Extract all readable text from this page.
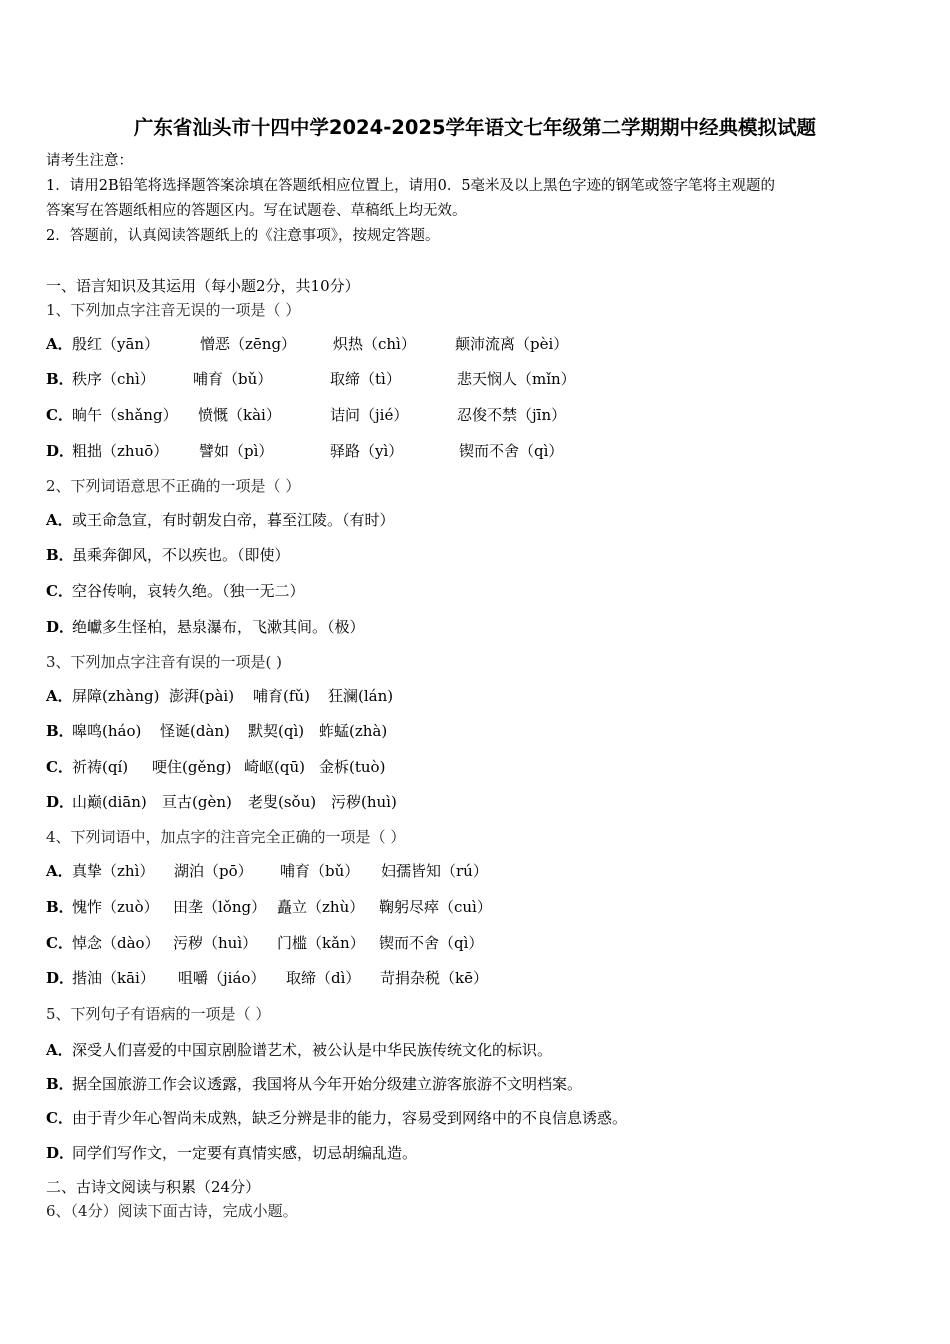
广东省汕头市十四中学2024-2025学年语文七年级第二学期期中经典模拟试题
请考生注意：
1．请用2B铅笔将选择题答案涂填在答题纸相应位置上，请用0．5毫米及以上黑色字迹的钢笔或签字笔将主观题的
答案写在答题纸相应的答题区内。写在试题卷、草稿纸上均无效。
2．答题前，认真阅读答题纸上的《注意事项》，按规定答题。
一、语言知识及其运用（每小题2分，共10分）
1、下列加点字注音无误的一项是（ ）
A．殷红（yān）	憎恶（zēng） 炽热（chì）	颠沛流离（pèi）
B．秩序（chì）	哺育（bǔ）	取缔（tì）	悲天悯人（mǐn）
C．晌午（shǎng） 愤慨（kài）	诘问（jié）	忍俊不禁（jīn）
D．粗拙（zhuō） 譬如（pì）	驿路（yì）	锲而不舍（qì）
2、下列词语意思不正确的一项是（ ）
A．或王命急宣，有时朝发白帝，暮至江陵。（有时）
B．虽乘奔御风，不以疾也。（即使）
C．空谷传响，哀转久绝。（独一无二）
D．绝巘多生怪柏，悬泉瀑布，飞漱其间。（极）
3、下列加点字注音有误的一项是( )
A．屏障(zhàng) 澎湃(pài) 哺育(fǔ) 狂澜(lán)
B．嗥鸣(háo) 怪诞(dàn) 默契(qì) 蚱蜢(zhà)
C．祈祷(qí) 哽住(gěng) 崎岖(qū) 金柝(tuò)
D．山巅(diān) 亘古(gèn) 老叟(sǒu) 污秽(huì)
4、下列词语中，加点字的注音完全正确的一项是（ ）
A．真挚（zhì） 湖泊（pō） 哺育（bǔ） 妇孺皆知（rú）
B．愧怍（zuò） 田垄（lǒng） 矗立（zhù） 鞠躬尽瘁（cuì）
C．悼念（dào） 污秽（huì） 门槛（kǎn） 锲而不舍（qì）
D．揩油（kāi） 咀嚼（jiáo） 取缔（dì） 苛捐杂税（kē）
5、下列句子有语病的一项是（ ）
A．深受人们喜爱的中国京剧脸谱艺术，被公认是中华民族传统文化的标识。
B．据全国旅游工作会议透露，我国将从今年开始分级建立游客旅游不文明档案。
C．由于青少年心智尚未成熟，缺乏分辨是非的能力，容易受到网络中的不良信息诱惑。
D．同学们写作文，一定要有真情实感，切忌胡编乱造。
二、古诗文阅读与积累（24分）
6、（4分）阅读下面古诗，完成小题。
